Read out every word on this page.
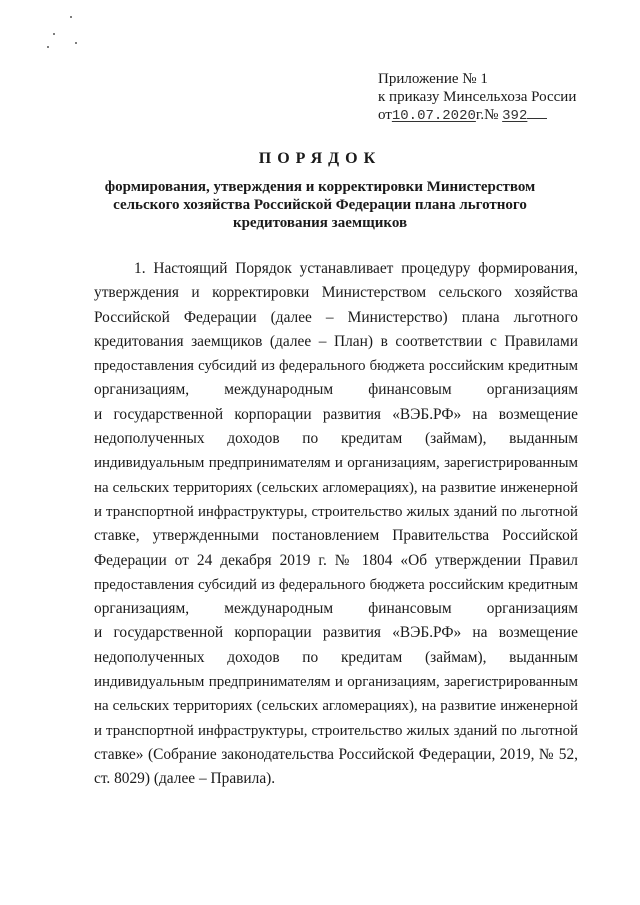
Приложение № 1
к приказу Минсельхоза России
от10.07.2020г.№ 392
ПОРЯДОК
формирования, утверждения и корректировки Министерством
сельского хозяйства Российской Федерации плана льготного
кредитования заемщиков
1. Настоящий Порядок устанавливает процедуру формирования,
утверждения и корректировки Министерством сельского хозяйства
Российской Федерации (далее – Министерство) плана льготного
кредитования заемщиков (далее – План) в соответствии с Правилами
предоставления субсидий из федерального бюджета российским кредитным
организациям, международным финансовым организациям
и государственной корпорации развития «ВЭБ.РФ» на возмещение
недополученных доходов по кредитам (займам), выданным
индивидуальным предпринимателям и организациям, зарегистрированным
на сельских территориях (сельских агломерациях), на развитие инженерной
и транспортной инфраструктуры, строительство жилых зданий по льготной
ставке, утвержденными постановлением Правительства Российской
Федерации от 24 декабря 2019 г. № 1804 «Об утверждении Правил
предоставления субсидий из федерального бюджета российским кредитным
организациям, международным финансовым организациям
и государственной корпорации развития «ВЭБ.РФ» на возмещение
недополученных доходов по кредитам (займам), выданным
индивидуальным предпринимателям и организациям, зарегистрированным
на сельских территориях (сельских агломерациях), на развитие инженерной
и транспортной инфраструктуры, строительство жилых зданий по льготной
ставке» (Собрание законодательства Российской Федерации, 2019, № 52,
ст. 8029) (далее – Правила).
